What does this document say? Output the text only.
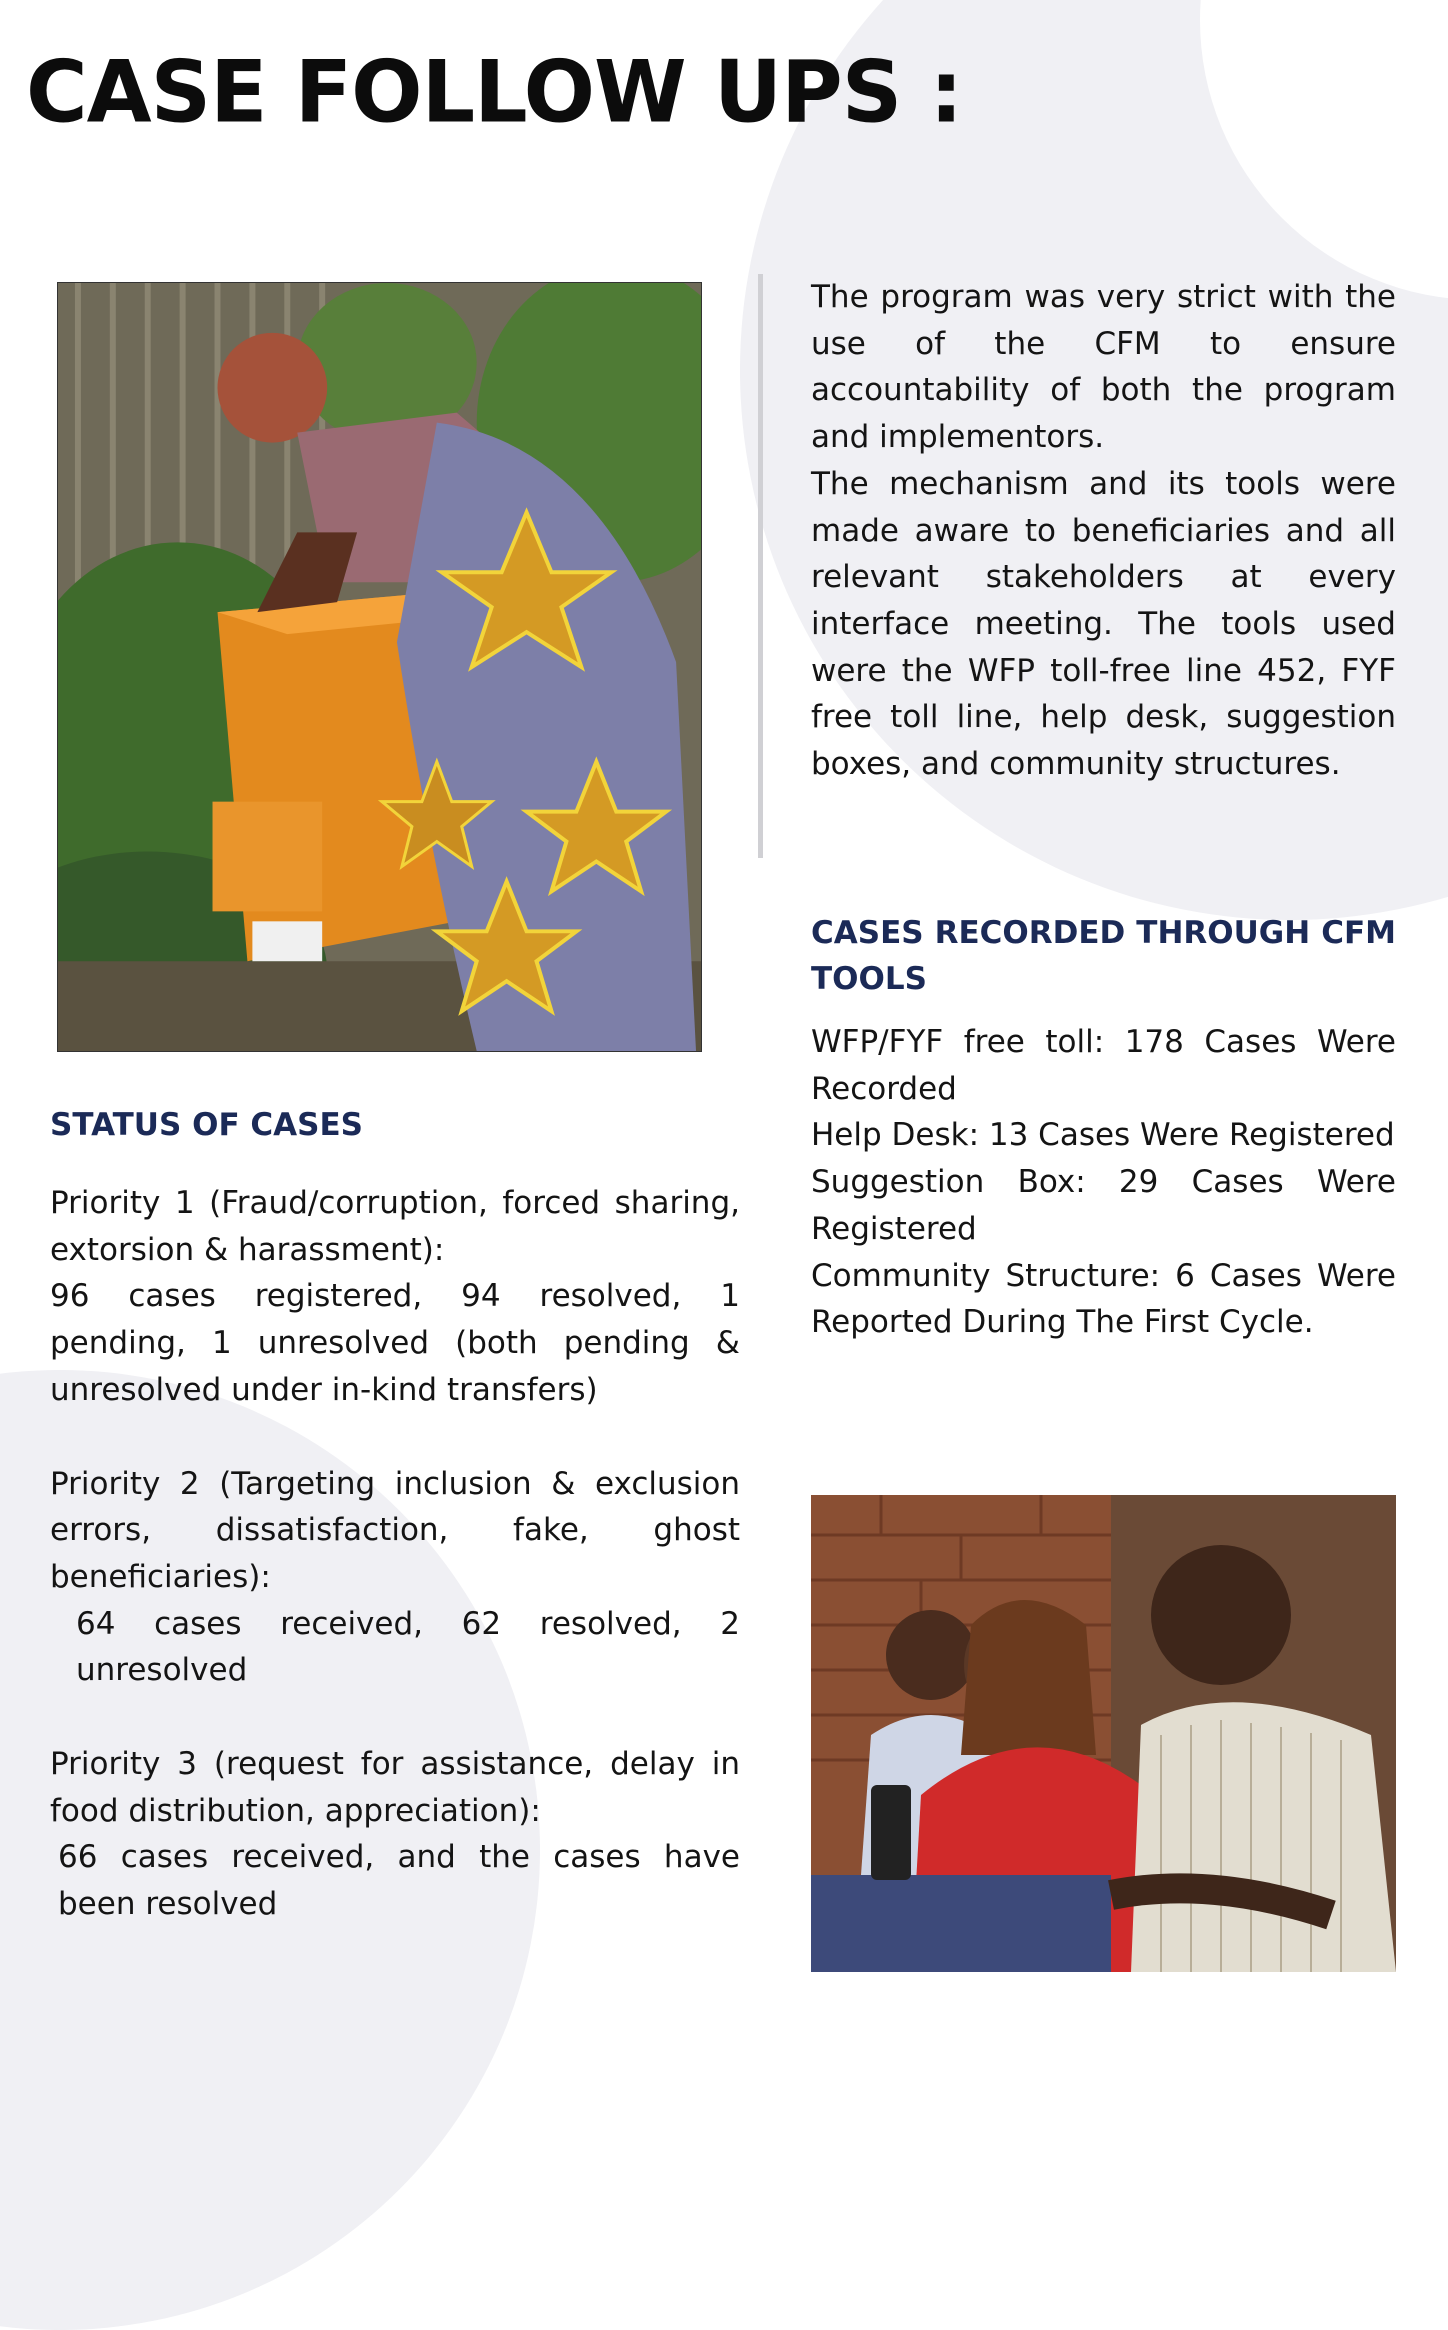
CASE FOLLOW UPS :

The program was very strict with the use of the CFM to ensure accountability of both the program and implementors.

The mechanism and its tools were made aware to beneficiaries and all relevant stakeholders at every interface meeting. The tools used were the WFP toll-free line 452, FYF free toll line, help desk, suggestion boxes, and community structures.

CASES RECORDED THROUGH CFM TOOLS

WFP/FYF free toll: 178 Cases Were Recorded

Help Desk: 13 Cases Were Registered

Suggestion Box: 29 Cases Were Registered

Community Structure: 6 Cases Were Reported During The First Cycle.

STATUS OF CASES

Priority 1 (Fraud/corruption, forced sharing, extorsion & harassment):

96 cases registered, 94 resolved, 1 pending, 1 unresolved (both pending & unresolved under in-kind transfers)

Priority 2 (Targeting inclusion & exclusion errors, dissatisfaction, fake, ghost beneficiaries):

64 cases received, 62 resolved, 2 unresolved

Priority 3 (request for assistance, delay in food distribution, appreciation):

66 cases received, and the cases have been resolved
